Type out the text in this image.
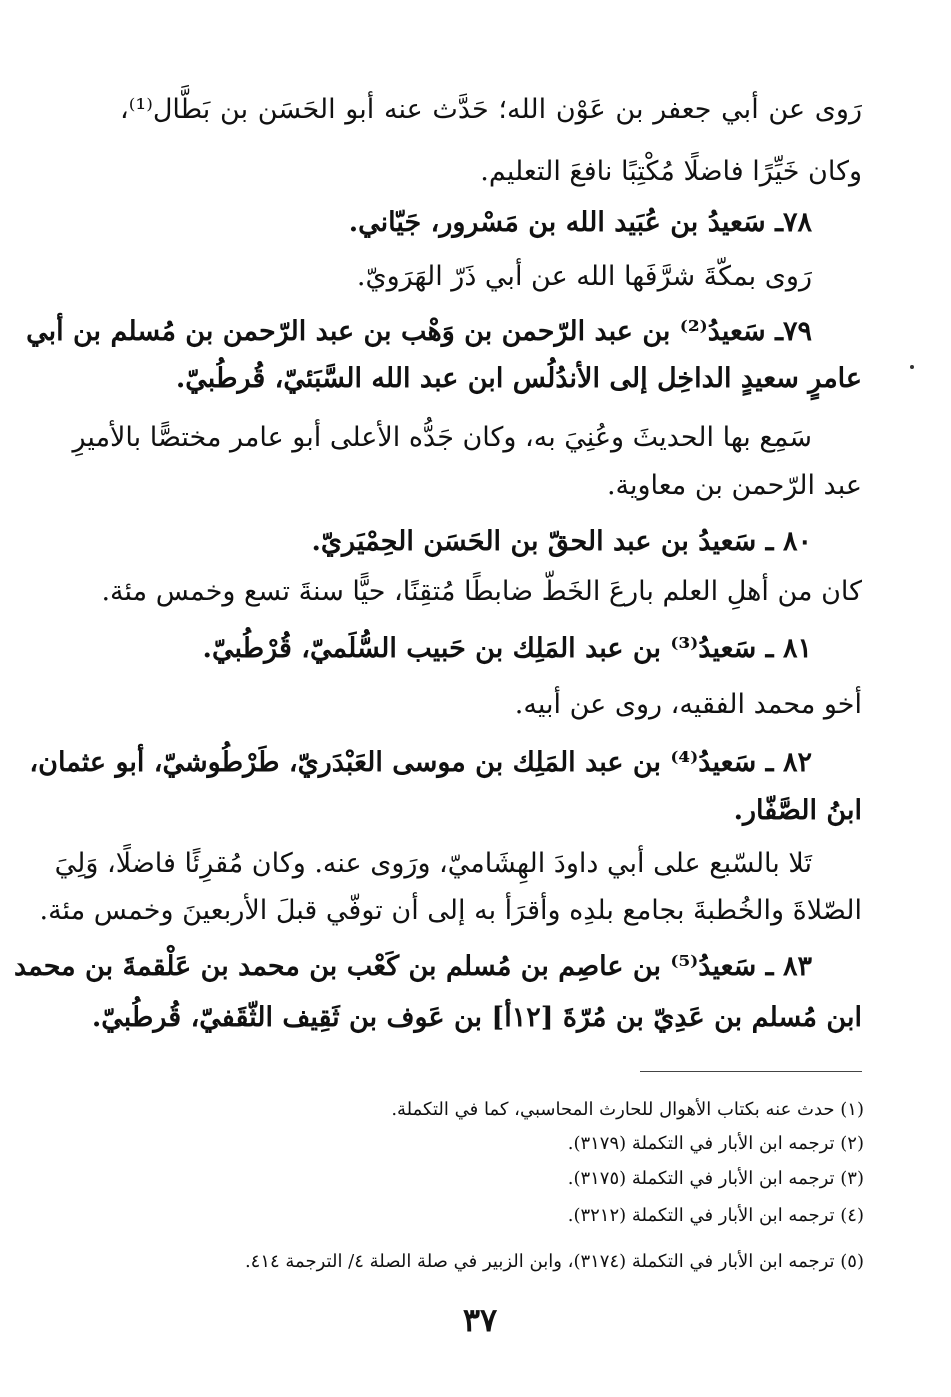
رَوى عن أبي جعفر بن عَوْن الله؛ حَدَّث عنه أبو الحَسَن بن بَطَّال⁽¹⁾،
وكان خَيِّرًا فاضلًا مُكْتِبًا نافعَ التعليم.
٧٨ـ سَعيدُ بن عُبَيد الله بن مَسْرور، جَيّاني.
رَوى بمكّةَ شرَّفَها الله عن أبي ذَرّ الهَرَويّ.
٧٩ـ سَعيدُ⁽²⁾ بن عبد الرّحمن بن وَهْب بن عبد الرّحمن بن مُسلم بن أبي
عامرٍ سعيدٍ الداخِل إلى الأندُلُس ابن عبد الله السَّبَئيّ، قُرطُبيّ.
سَمِع بها الحديثَ وعُنِيَ به، وكان جَدُّه الأعلى أبو عامر مختصًّا بالأميرِ
عبد الرّحمن بن معاوية.
٨٠ ـ سَعيدُ بن عبد الحقّ بن الحَسَن الحِمْيَريّ.
كان من أهلِ العلم بارعَ الخَطّ ضابطًا مُتقِنًا، حيًّا سنةَ تسع وخمس مئة.
٨١ ـ سَعيدُ⁽³⁾ بن عبد المَلِك بن حَبيب السُّلَميّ، قُرْطُبيّ.
أخو محمد الفقيه، روى عن أبيه.
٨٢ ـ سَعيدُ⁽⁴⁾ بن عبد المَلِك بن موسى العَبْدَريّ، طَرْطُوشيّ، أبو عثمان،
ابنُ الصَّفّار.
تَلا بالسّبع على أبي داودَ الهِشَاميّ، ورَوى عنه. وكان مُقرِئًا فاضلًا، وَلِيَ
الصّلاةَ والخُطبةَ بجامع بلدِه وأقرَأ به إلى أن توفّي قبلَ الأربعينَ وخمس مئة.
٨٣ ـ سَعيدُ⁽⁵⁾ بن عاصِم بن مُسلم بن كَعْب بن محمد بن عَلْقمةَ بن محمد
ابن مُسلم بن عَدِيّ بن مُرّةَ [١٢أ] بن عَوف بن ثَقِيف الثّقَفيّ، قُرطُبيّ.
(١) حدث عنه بكتاب الأهوال للحارث المحاسبي، كما في التكملة.
(٢) ترجمه ابن الأبار في التكملة (٣١٧٩).
(٣) ترجمه ابن الأبار في التكملة (٣١٧٥).
(٤) ترجمه ابن الأبار في التكملة (٣٢١٢).
(٥) ترجمه ابن الأبار في التكملة (٣١٧٤)، وابن الزبير في صلة الصلة ٤/ الترجمة ٤١٤.
٣٧
